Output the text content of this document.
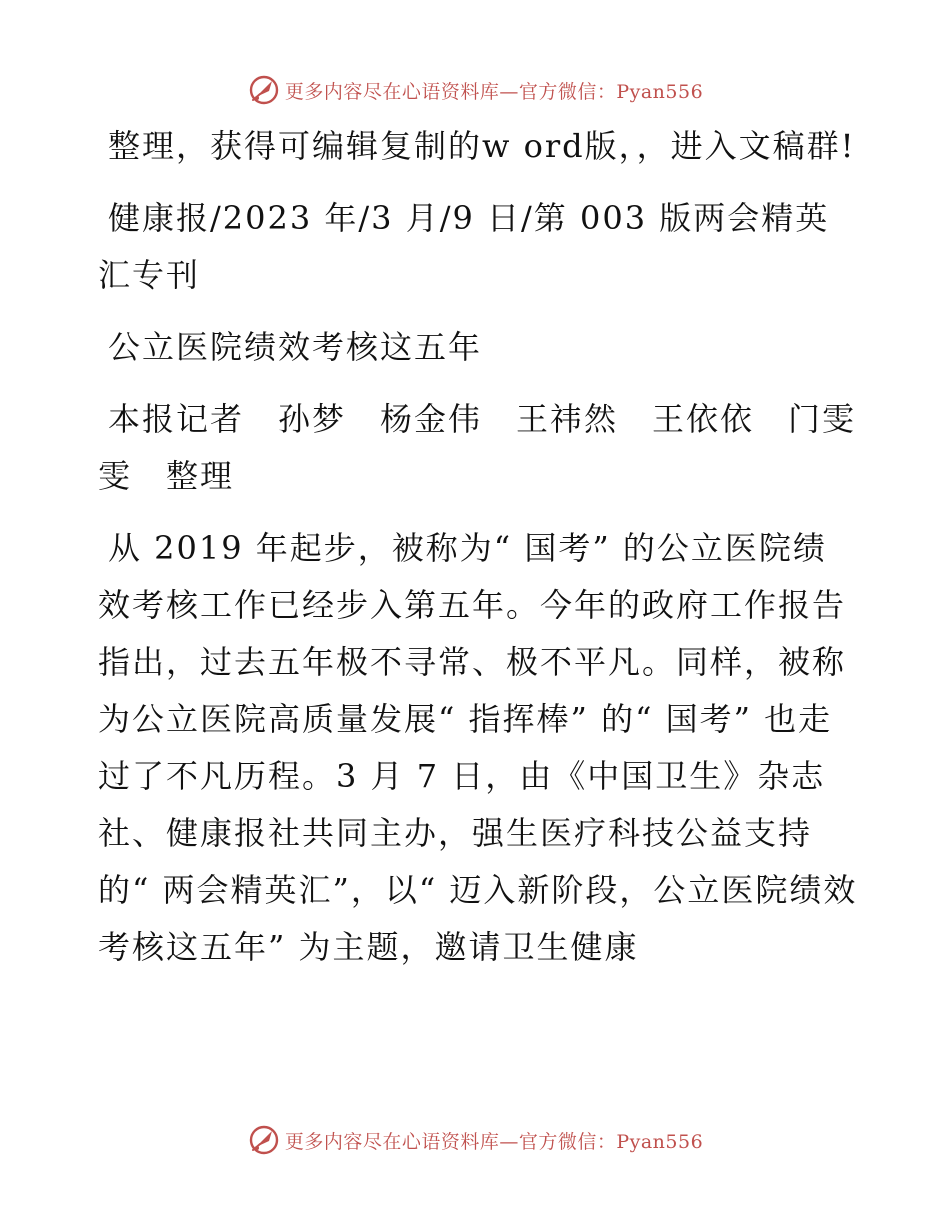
更多内容尽在心语资料库—官方微信：Pyan556

整理，获得可编辑复制的w ord版，，进入文稿群!

健康报/2023 年/3 月/9 日/第 003 版两会精英汇专刊

公立医院绩效考核这五年

本报记者　孙梦　杨金伟　王祎然　王依依　门雯雯　整理

从 2019 年起步，被称为“ 国考” 的公立医院绩效考核工作已经步入第五年。今年的政府工作报告指出，过去五年极不寻常、极不平凡。同样，被称为公立医院高质量发展“ 指挥棒” 的“ 国考” 也走过了不凡历程。3 月 7 日，由《中国卫生》杂志社、健康报社共同主办，强生医疗科技公益支持的“ 两会精英汇”，以“ 迈入新阶段，公立医院绩效考核这五年” 为主题，邀请卫生健康

更多内容尽在心语资料库—官方微信：Pyan556
